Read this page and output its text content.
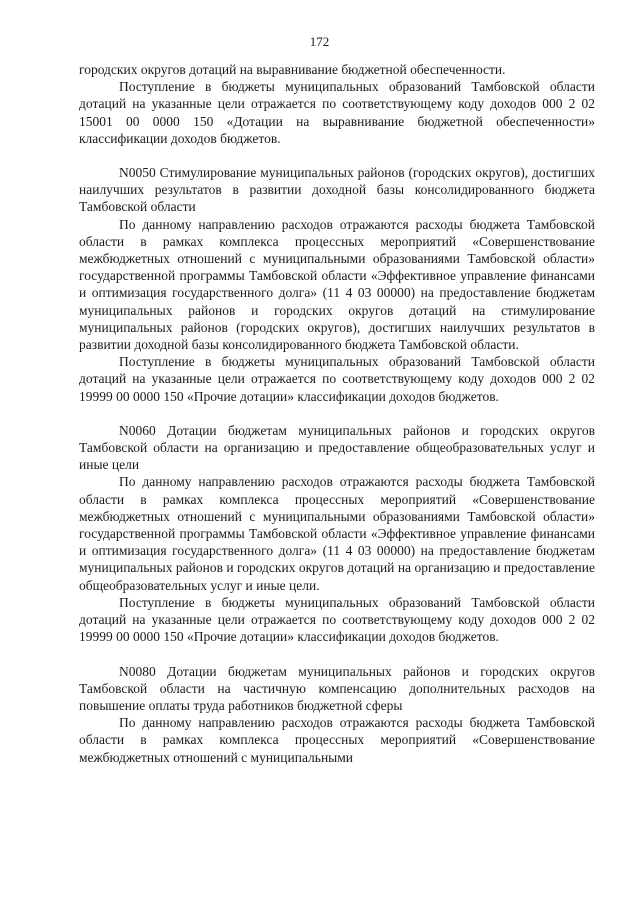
172

городских округов дотаций на выравнивание бюджетной обеспеченности.

Поступление в бюджеты муниципальных образований Тамбовской области дотаций на указанные цели отражается по соответствующему коду доходов 000 2 02 15001 00 0000 150 «Дотации на выравнивание бюджетной обеспеченности» классификации доходов бюджетов.

N0050 Стимулирование муниципальных районов (городских округов), достигших наилучших результатов в развитии доходной базы консолидированного бюджета Тамбовской области

По данному направлению расходов отражаются расходы бюджета Тамбовской области в рамках комплекса процессных мероприятий «Совершенствование межбюджетных отношений с муниципальными образованиями Тамбовской области» государственной программы Тамбовской области «Эффективное управление финансами и оптимизация государственного долга» (11 4 03 00000) на предоставление бюджетам муниципальных районов и городских округов дотаций на стимулирование муниципальных районов (городских округов), достигших наилучших результатов в развитии доходной базы консолидированного бюджета Тамбовской области.

Поступление в бюджеты муниципальных образований Тамбовской области дотаций на указанные цели отражается по соответствующему коду доходов 000 2 02 19999 00 0000 150 «Прочие дотации» классификации доходов бюджетов.

N0060 Дотации бюджетам муниципальных районов и городских округов Тамбовской области на организацию и предоставление общеобразовательных услуг и иные цели

По данному направлению расходов отражаются расходы бюджета Тамбовской области в рамках комплекса процессных мероприятий «Совершенствование межбюджетных отношений с муниципальными образованиями Тамбовской области» государственной программы Тамбовской области «Эффективное управление финансами и оптимизация государственного долга» (11 4 03 00000) на предоставление бюджетам муниципальных районов и городских округов дотаций на организацию и предоставление общеобразовательных услуг и иные цели.

Поступление в бюджеты муниципальных образований Тамбовской области дотаций на указанные цели отражается по соответствующему коду доходов 000 2 02 19999 00 0000 150 «Прочие дотации» классификации доходов бюджетов.

N0080 Дотации бюджетам муниципальных районов и городских округов Тамбовской области на частичную компенсацию дополнительных расходов на повышение оплаты труда работников бюджетной сферы

По данному направлению расходов отражаются расходы бюджета Тамбовской области в рамках комплекса процессных мероприятий «Совершенствование межбюджетных отношений с муниципальными
